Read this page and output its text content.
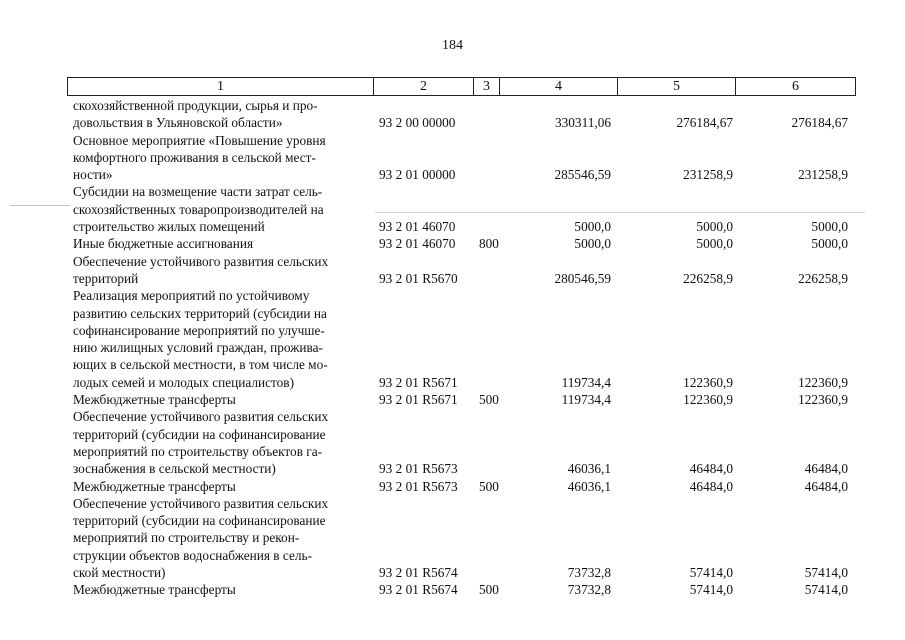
184
1	2	3	4	5	6
скохозяйственной продукции, сырья и про-
довольствия в Ульяновской области»	93 2 00 00000	330311,06	276184,67	276184,67
Основное мероприятие «Повышение уровня
комфортного проживания в сельской мест-
ности»	93 2 01 00000	285546,59	231258,9	231258,9
Субсидии на возмещение части затрат сель-
скохозяйственных товаропроизводителей на
строительство жилых помещений	93 2 01 46070	5000,0	5000,0	5000,0
Иные бюджетные ассигнования	93 2 01 46070 800	5000,0	5000,0	5000,0
Обеспечение устойчивого развития сельских
территорий	93 2 01 R5670	280546,59	226258,9	226258,9
Реализация мероприятий по устойчивому
развитию сельских территорий (субсидии на
софинансирование мероприятий по улучше-
нию жилищных условий граждан, прожива-
ющих в сельской местности, в том числе мо-
лодых семей и молодых специалистов)	93 2 01 R5671	119734,4	122360,9	122360,9
Межбюджетные трансферты	93 2 01 R5671 500	119734,4	122360,9	122360,9
Обеспечение устойчивого развития сельских
территорий (субсидии на софинансирование
мероприятий по строительству объектов га-
зоснабжения в сельской местности)	93 2 01 R5673	46036,1	46484,0	46484,0
Межбюджетные трансферты	93 2 01 R5673 500	46036,1	46484,0	46484,0
Обеспечение устойчивого развития сельских
территорий (субсидии на софинансирование
мероприятий по строительству и рекон-
струкции объектов водоснабжения в сель-
ской местности)	93 2 01 R5674	73732,8	57414,0	57414,0
Межбюджетные трансферты	93 2 01 R5674 500	73732,8	57414,0	57414,0
